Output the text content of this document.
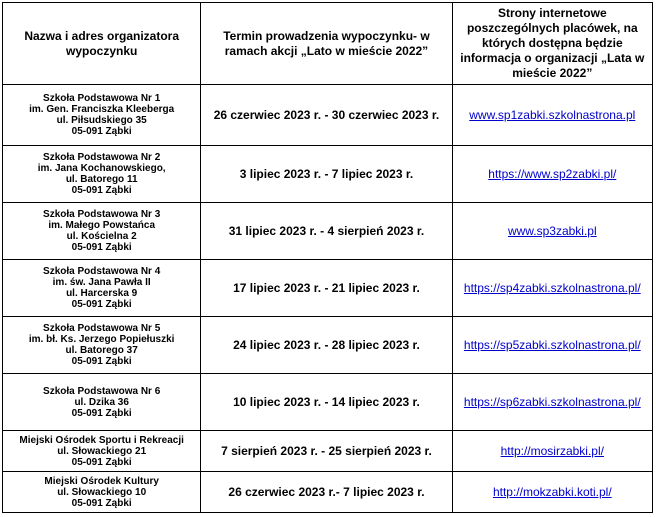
Nazwa i adres organizatora wypoczynku	Termin prowadzenia wypoczynku- w ramach akcji „Lato w mieście 2022”	Strony internetowe poszczególnych placówek, na których dostępna będzie informacja o organizacji „Lata w mieście 2022”

Szkoła Podstawowa Nr 1
im. Gen. Franciszka Kleeberga
ul. Piłsudskiego 35
05-091 Ząbki	26 czerwiec 2023 r. - 30 czerwiec 2023 r.	www.sp1zabki.szkolnastrona.pl

Szkoła Podstawowa Nr 2
im. Jana Kochanowskiego,
ul. Batorego 11
05-091 Ząbki	3 lipiec 2023 r. - 7 lipiec 2023 r.	https://www.sp2zabki.pl/

Szkoła Podstawowa Nr 3
im. Małego Powstańca
ul. Kościelna 2
05-091 Ząbki	31 lipiec 2023 r. - 4 sierpień 2023 r.	www.sp3zabki.pl

Szkoła Podstawowa Nr 4
im. św. Jana Pawła II
ul. Harcerska 9
05-091 Ząbki	17 lipiec 2023 r. - 21 lipiec 2023 r.	https://sp4zabki.szkolnastrona.pl/

Szkoła Podstawowa Nr 5
im. bł. Ks. Jerzego Popiełuszki
ul. Batorego 37
05-091 Ząbki	24 lipiec 2023 r. - 28 lipiec 2023 r.	https://sp5zabki.szkolnastrona.pl/

Szkoła Podstawowa Nr 6
ul. Dzika 36
05-091 Ząbki	10 lipiec 2023 r. - 14 lipiec 2023 r.	https://sp6zabki.szkolnastrona.pl/

Miejski Ośrodek Sportu i Rekreacji
ul. Słowackiego 21
05-091 Ząbki	7 sierpień 2023 r. - 25 sierpień 2023 r.	http://mosirzabki.pl/

Miejski Ośrodek Kultury
ul. Słowackiego 10
05-091 Ząbki	26 czerwiec 2023 r.- 7 lipiec 2023 r.	http://mokzabki.koti.pl/
